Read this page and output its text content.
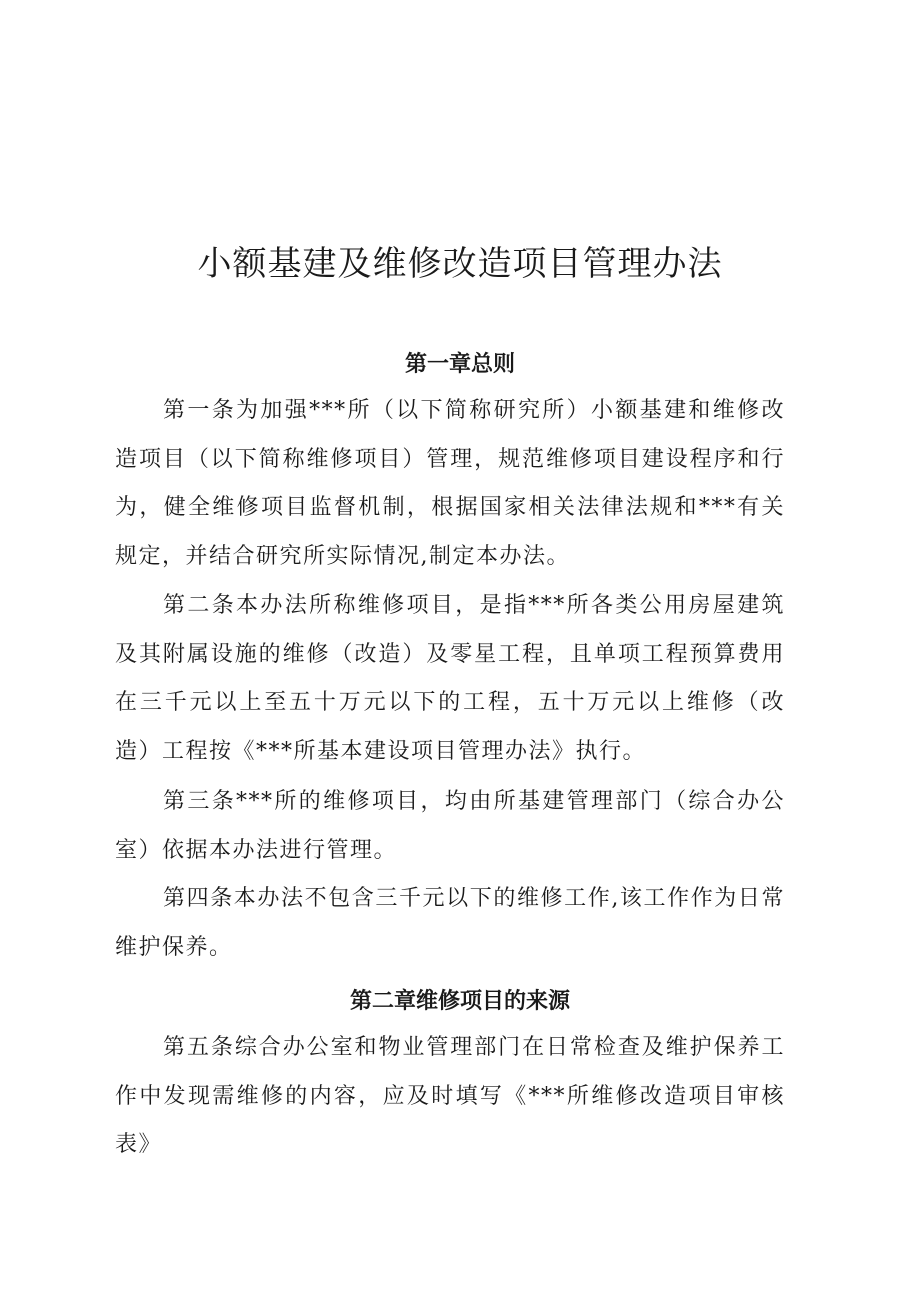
小额基建及维修改造项目管理办法
第一章总则

第一条为加强***所（以下简称研究所）小额基建和维修改造项目（以下简称维修项目）管理，规范维修项目建设程序和行为，健全维修项目监督机制，根据国家相关法律法规和***有关规定，并结合研究所实际情况,制定本办法。

第二条本办法所称维修项目，是指***所各类公用房屋建筑及其附属设施的维修（改造）及零星工程，且单项工程预算费用在三千元以上至五十万元以下的工程，五十万元以上维修（改造）工程按《***所基本建设项目管理办法》执行。

第三条***所的维修项目，均由所基建管理部门（综合办公室）依据本办法进行管理。

第四条本办法不包含三千元以下的维修工作,该工作作为日常维护保养。

第二章维修项目的来源

第五条综合办公室和物业管理部门在日常检查及维护保养工作中发现需维修的内容，应及时填写《***所维修改造项目审核表》
